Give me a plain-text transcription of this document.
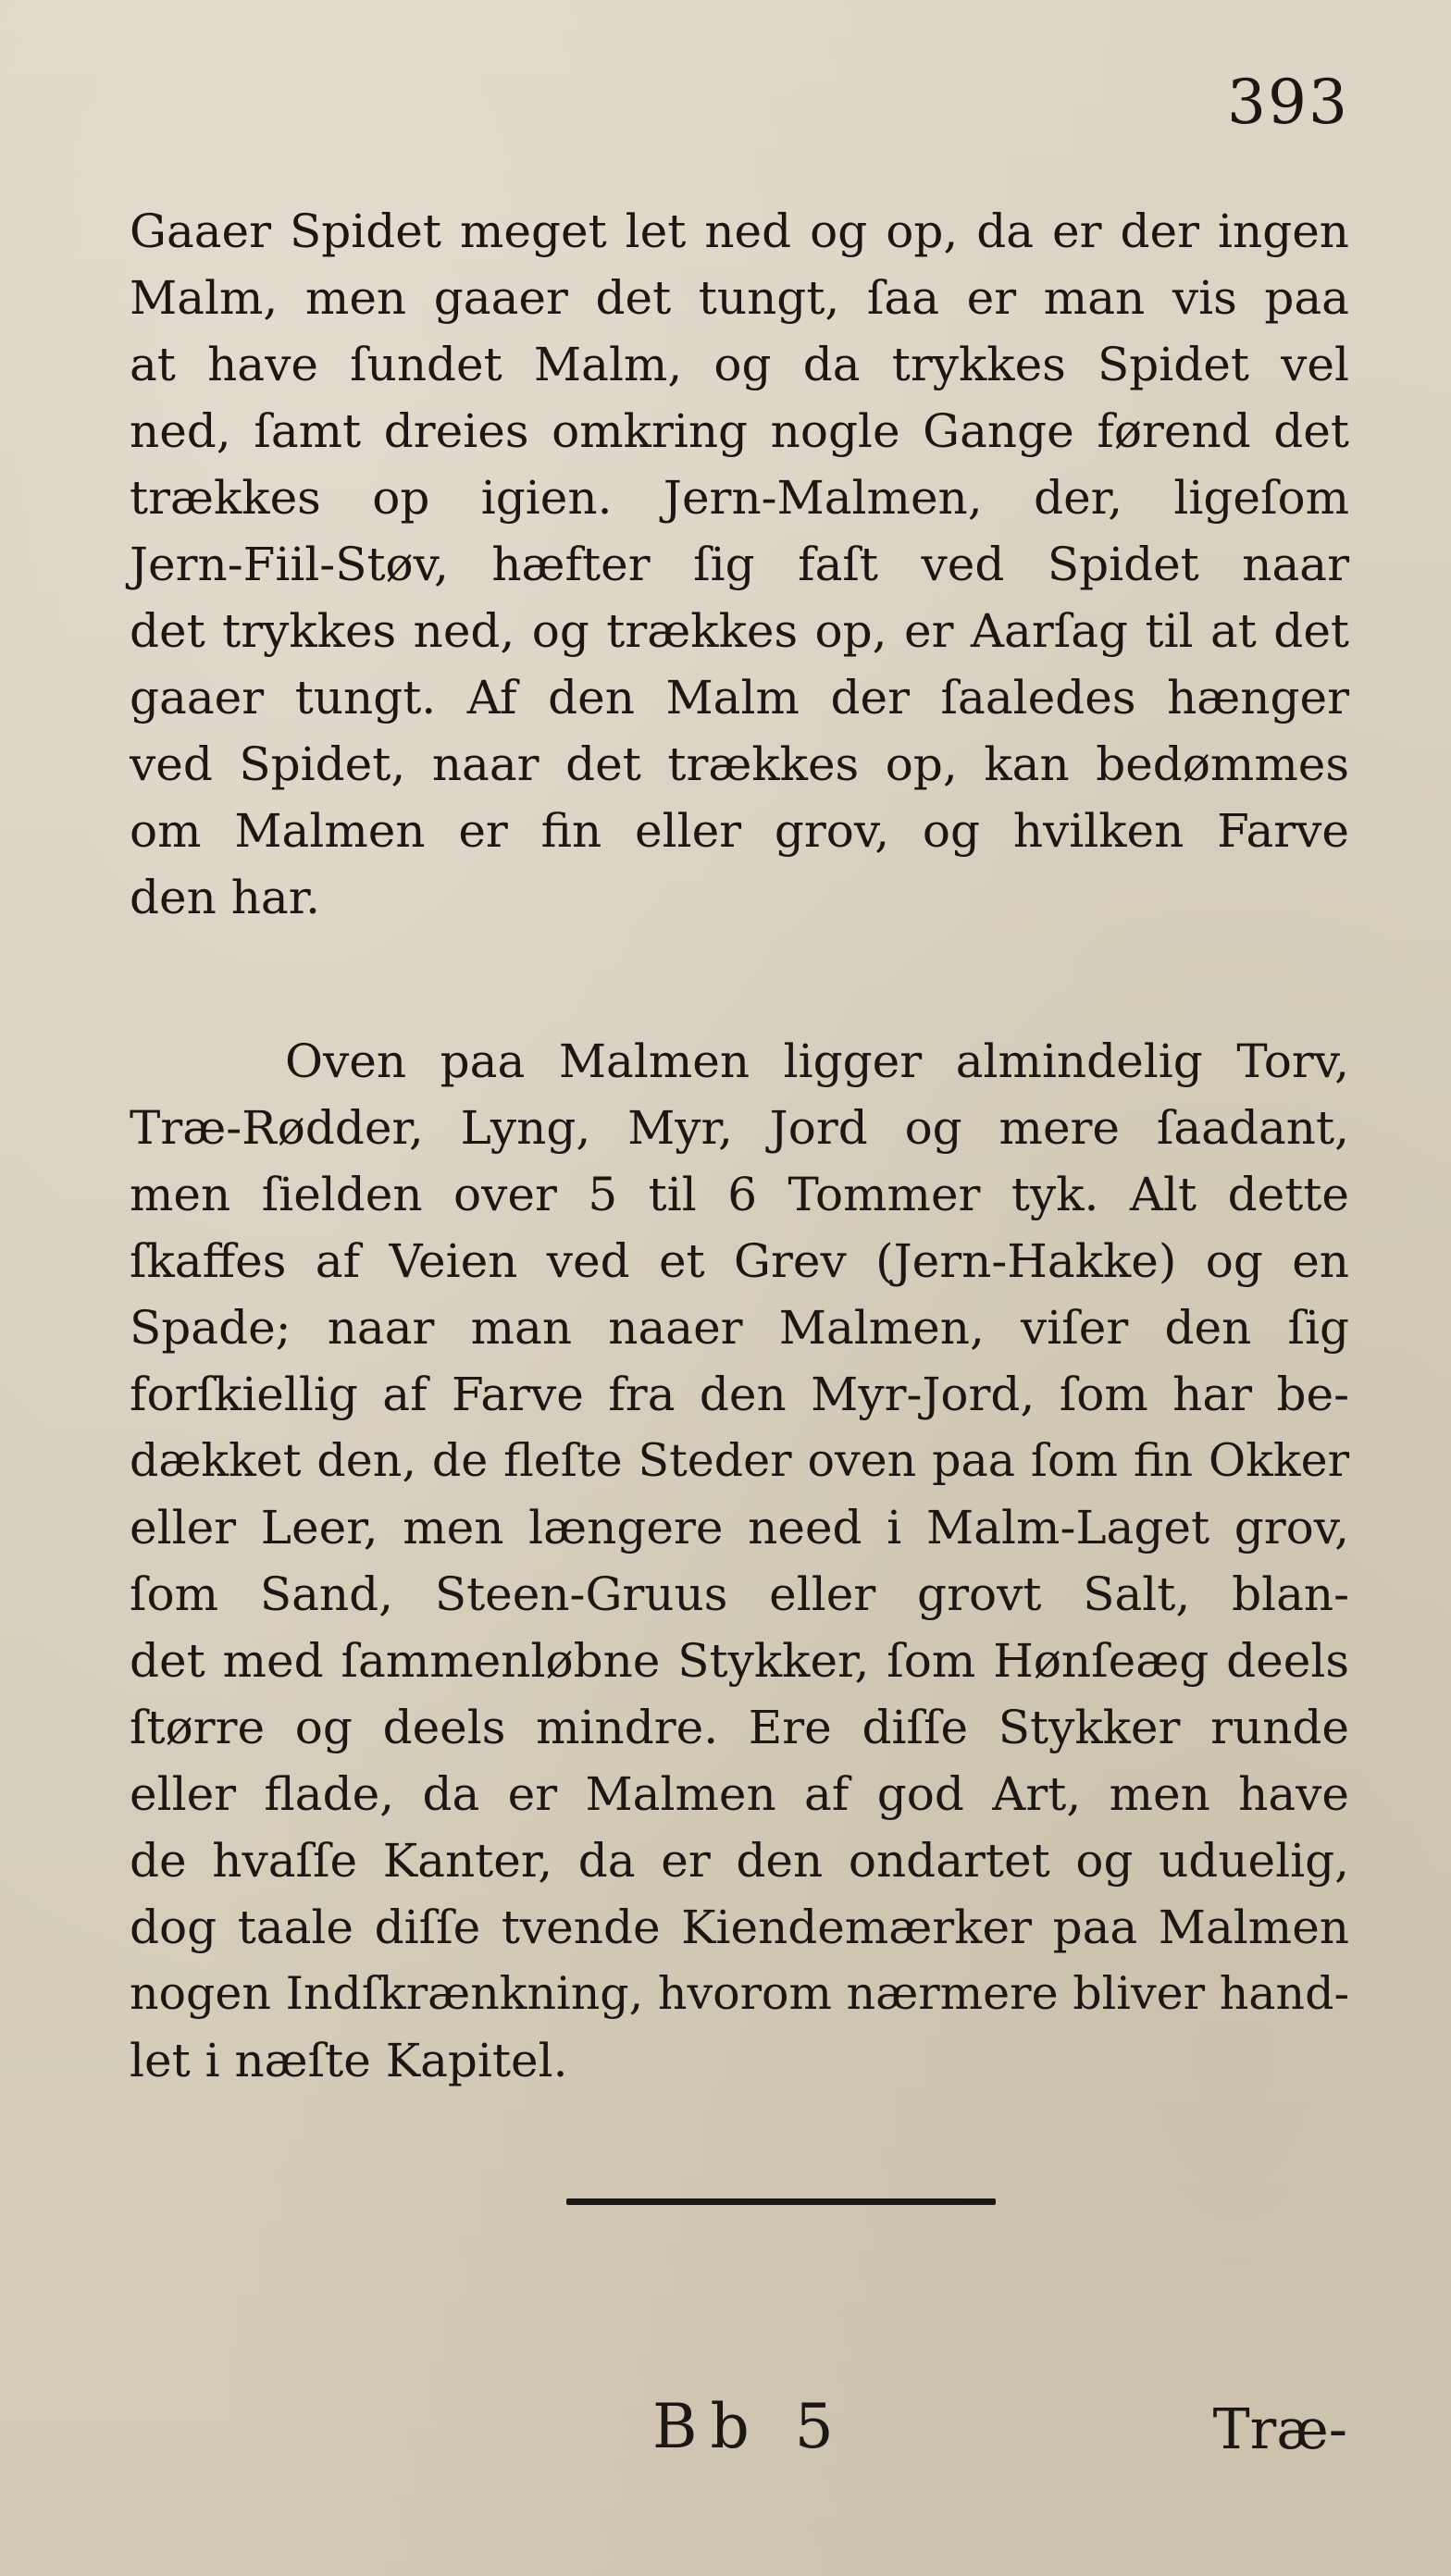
393
Gaaer Spidet meget let ned og op, da er der ingen
Malm, men gaaer det tungt, ſaa er man vis paa
at have ſundet Malm, og da trykkes Spidet vel
ned, ſamt dreies omkring nogle Gange førend det
trækkes op igien. Jern-Malmen, der, ligeſom
Jern-Fiil-Støv, hæfter ſig faſt ved Spidet naar
det trykkes ned, og trækkes op, er Aarſag til at det
gaaer tungt. Af den Malm der ſaaledes hænger
ved Spidet, naar det trækkes op, kan bedømmes
om Malmen er fin eller grov, og hvilken Farve
den har.
Oven paa Malmen ligger almindelig Torv,
Træ-Rødder, Lyng, Myr, Jord og mere ſaadant,
men ſielden over 5 til 6 Tommer tyk. Alt dette
ſkaffes af Veien ved et Grev (Jern-Hakke) og en
Spade; naar man naaer Malmen, viſer den ſig
forſkiellig af Farve fra den Myr-Jord, ſom har be-
dækket den, de fleſte Steder oven paa ſom fin Okker
eller Leer, men længere need i Malm-Laget grov,
ſom Sand, Steen-Gruus eller grovt Salt, blan-
det med ſammenløbne Stykker, ſom Hønſeæg deels
ſtørre og deels mindre. Ere diſſe Stykker runde
eller flade, da er Malmen af god Art, men have
de hvaſſe Kanter, da er den ondartet og uduelig,
dog taale diſſe tvende Kiendemærker paa Malmen
nogen Indſkrænkning, hvorom nærmere bliver hand-
let i næſte Kapitel.
Bb 5	Træ-
